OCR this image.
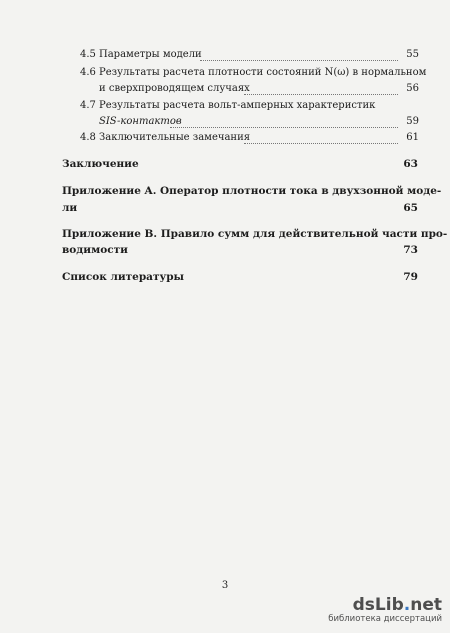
4.5 Параметры модели	55
4.6 Результаты расчета плотности состояний N(ω) в нормальном
и сверхпроводящем случаях	56
4.7 Результаты расчета вольт-амперных характеристик
SIS-контактов	59
4.8 Заключительные замечания	61
Заключение	63
Приложение A. Оператор плотности тока в двухзонной моде-
ли	65
Приложение B. Правило сумм для действительной части про-
водимости	73
Список литературы	79
3
dsLib.net
библиотека диссертаций
